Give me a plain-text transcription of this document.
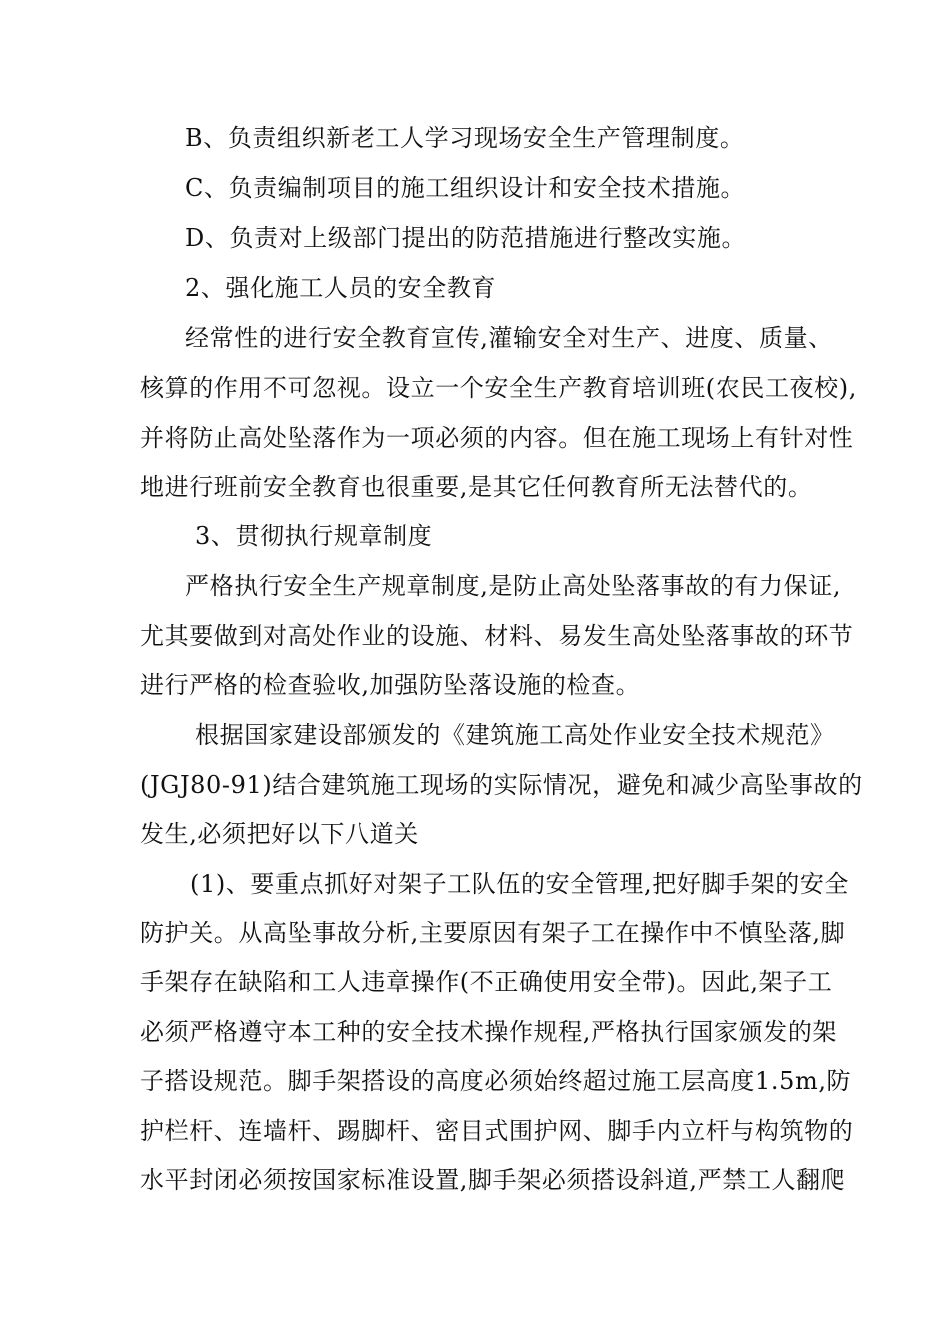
B、负责组织新老工人学习现场安全生产管理制度。
C、负责编制项目的施工组织设计和安全技术措施。
D、负责对上级部门提出的防范措施进行整改实施。
2、强化施工人员的安全教育
经常性的进行安全教育宣传,灌输安全对生产、进度、质量、
核算的作用不可忽视。设立一个安全生产教育培训班(农民工夜校),
并将防止高处坠落作为一项必须的内容。但在施工现场上有针对性
地进行班前安全教育也很重要,是其它任何教育所无法替代的。
3、贯彻执行规章制度
严格执行安全生产规章制度,是防止高处坠落事故的有力保证,
尤其要做到对高处作业的设施、材料、易发生高处坠落事故的环节
进行严格的检查验收,加强防坠落设施的检查。
根据国家建设部颁发的《建筑施工高处作业安全技术规范》
(JGJ80-91)结合建筑施工现场的实际情况，避免和减少高坠事故的
发生,必须把好以下八道关
(1)、要重点抓好对架子工队伍的安全管理,把好脚手架的安全
防护关。从高坠事故分析,主要原因有架子工在操作中不慎坠落,脚
手架存在缺陷和工人违章操作(不正确使用安全带)。因此,架子工
必须严格遵守本工种的安全技术操作规程,严格执行国家颁发的架
子搭设规范。脚手架搭设的高度必须始终超过施工层高度1.5m,防
护栏杆、连墙杆、踢脚杆、密目式围护网、脚手内立杆与构筑物的
水平封闭必须按国家标准设置,脚手架必须搭设斜道,严禁工人翻爬
